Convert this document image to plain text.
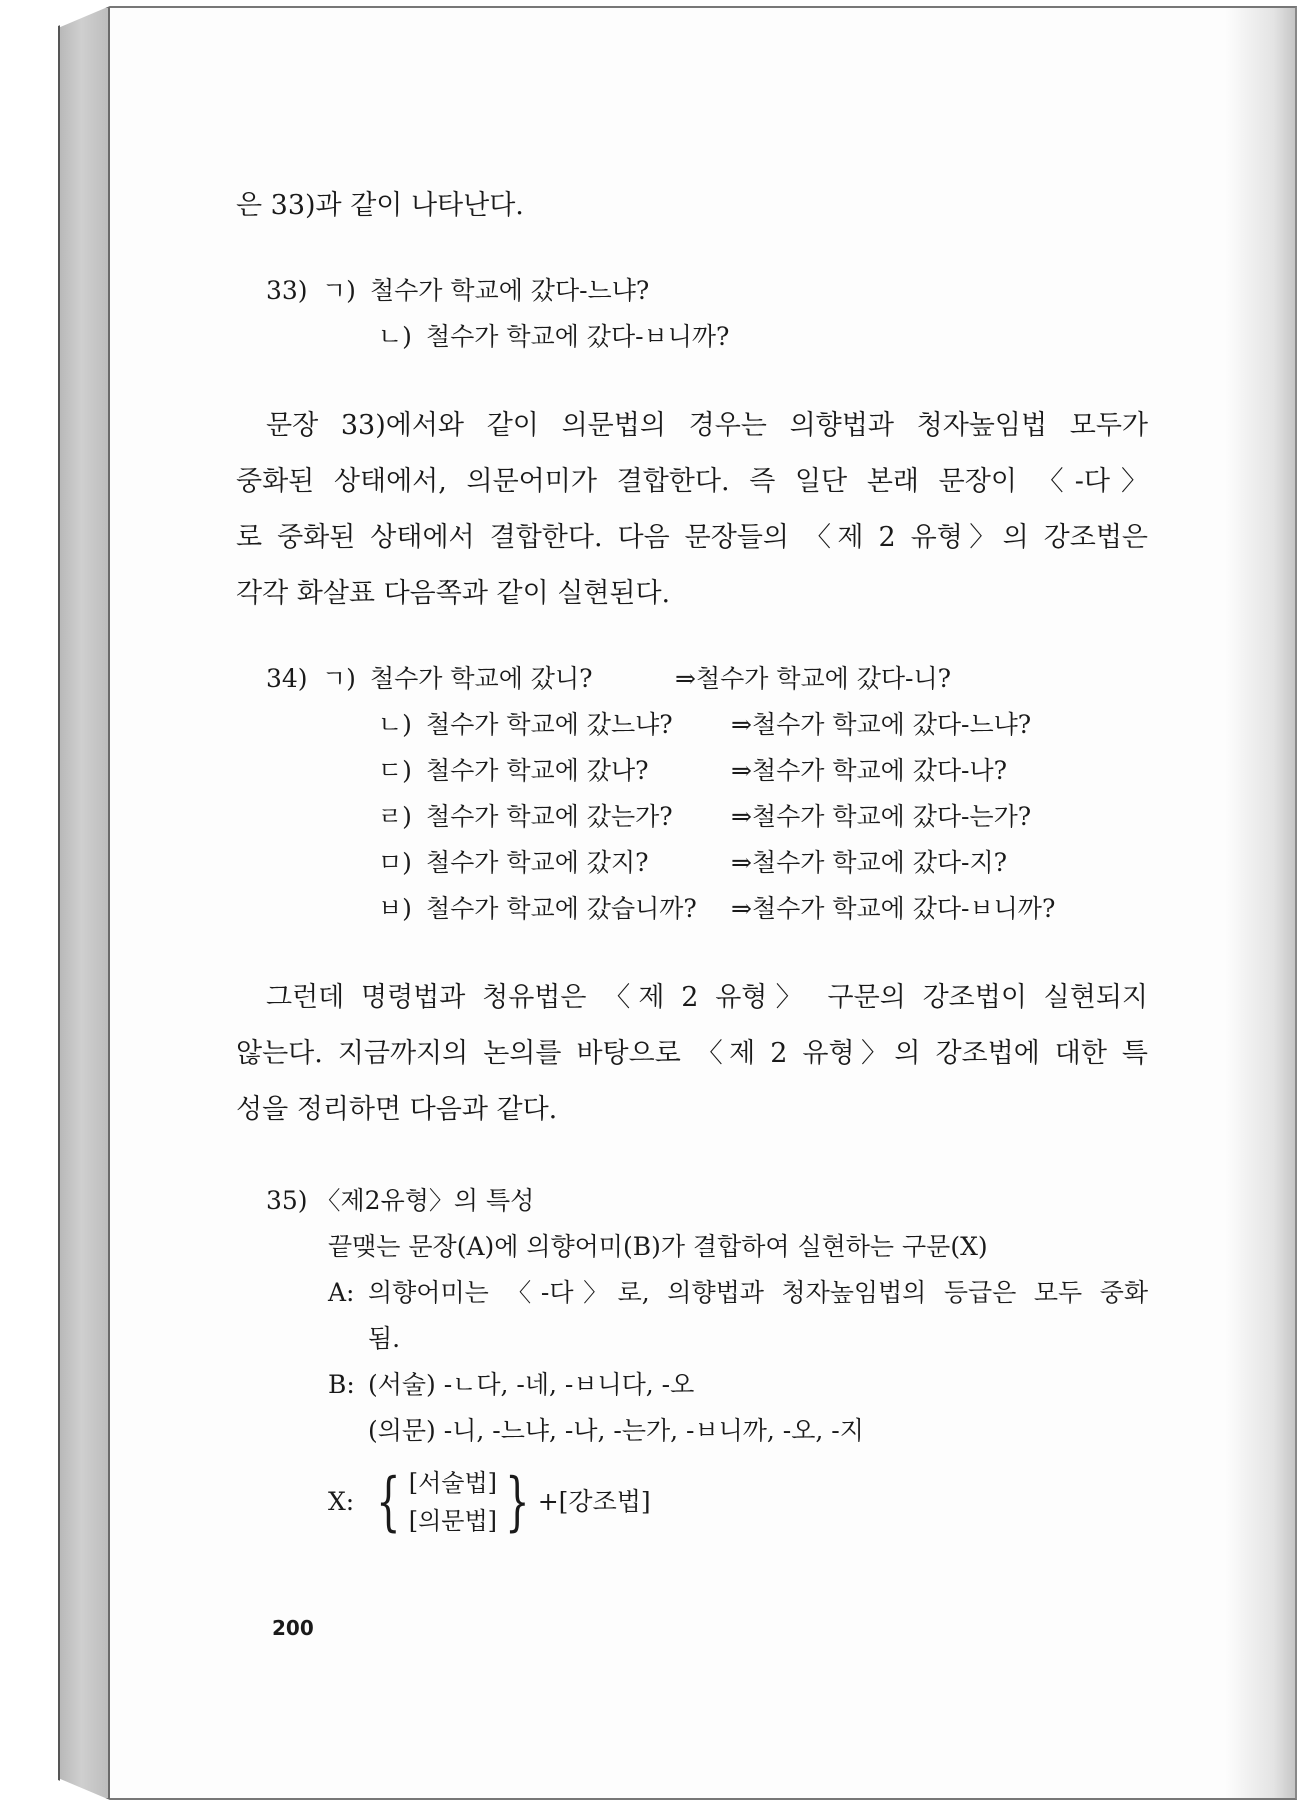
은 33)과 같이 나타난다.
33) ㄱ) 철수가 학교에 갔다-느냐?
ㄴ) 철수가 학교에 갔다-ㅂ니까?
문장 33)에서와 같이 의문법의 경우는 의향법과 청자높임법 모두가
중화된 상태에서, 의문어미가 결합한다. 즉 일단 본래 문장이 〈-다〉
로 중화된 상태에서 결합한다. 다음 문장들의 〈제 2 유형〉의 강조법은
각각 화살표 다음쪽과 같이 실현된다.
34) ㄱ) 철수가 학교에 갔니?	⇒철수가 학교에 갔다-니?
ㄴ) 철수가 학교에 갔느냐?	⇒철수가 학교에 갔다-느냐?
ㄷ) 철수가 학교에 갔나?	⇒철수가 학교에 갔다-나?
ㄹ) 철수가 학교에 갔는가?	⇒철수가 학교에 갔다-는가?
ㅁ) 철수가 학교에 갔지?	⇒철수가 학교에 갔다-지?
ㅂ) 철수가 학교에 갔습니까?	⇒철수가 학교에 갔다-ㅂ니까?
그런데 명령법과 청유법은 〈제 2 유형〉 구문의 강조법이 실현되지
않는다. 지금까지의 논의를 바탕으로 〈제 2 유형〉의 강조법에 대한 특
성을 정리하면 다음과 같다.
35) 〈제2유형〉의 특성
끝맺는 문장(A)에 의향어미(B)가 결합하여 실현하는 구문(X)
A: 의향어미는 〈-다〉로, 의향법과 청자높임법의 등급은 모두 중화
됨.
B: (서술) -ㄴ다, -네, -ㅂ니다, -오
(의문) -니, -느냐, -나, -는가, -ㅂ니까, -오, -지
X: { [서술법]
[의문법] } +[강조법]
200
